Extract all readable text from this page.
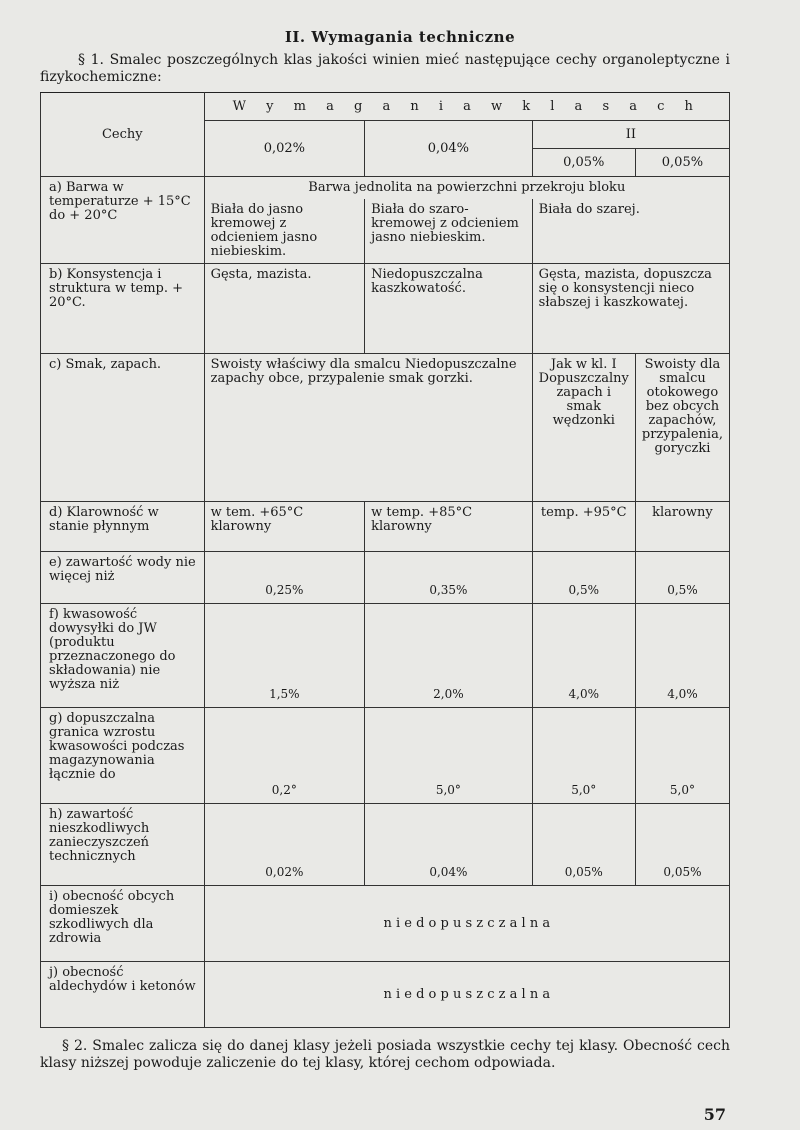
II. Wymagania techniczne
§ 1. Smalec poszczególnych klas jakości winien mieć następujące cechy organoleptyczne i fizykochemiczne:
Cechy	W y m a g a n i a w k l a s a c h			
	0,02%	0,04%	II	
			0,05%	0,05%
a) Barwa w temperaturze + 15°C do + 20°C	Barwa jednolita na powierzchni przekroju bloku			
	Biała do jasno kremowej z odcieniem jasno niebieskim.	Biała do szaro-kremowej z odcieniem jasno niebieskim.	Biała do szarej.	
b) Konsystencja i struktura w temp. + 20°C.	Gęsta, mazista.	Niedopuszczalna kaszkowatość.	Gęsta, mazista, dopuszcza się o konsystencji nieco słabszej i kaszkowatej.	
c) Smak, zapach.	Swoisty właściwy dla smalcu Niedopuszczalne zapachy obce, przypalenie smak gorzki.		Jak w kl. I Dopuszczalny zapach i smak wędzonki	Swoisty dla smalcu otokowego bez obcych zapachów, przypalenia, goryczki
d) Klarowność w stanie płynnym	w tem. +65°C klarowny	w temp. +85°C klarowny	temp. +95°C	klarowny
e) zawartość wody nie więcej niż	0,25%	0,35%	0,5%	0,5%
f) kwasowość dowysyłki do JW (produktu przeznaczonego do składowania) nie wyższa niż	1,5%	2,0%	4,0%	4,0%
g) dopuszczalna granica wzrostu kwasowości podczas magazynowania łącznie do	0,2°	5,0°	5,0°	5,0°
h) zawartość nieszkodliwych zanieczyszczeń technicznych	0,02%	0,04%	0,05%	0,05%
i) obecność obcych domieszek szkodliwych dla zdrowia	n i e d o p u s z c z a l n a			
j) obecność aldechydów i ketonów	n i e d o p u s z c z a l n a			
§ 2. Smalec zalicza się do danej klasy jeżeli posiada wszystkie cechy tej klasy. Obecność cech klasy niższej powoduje zaliczenie do tej klasy, której cechom odpowiada.
57
